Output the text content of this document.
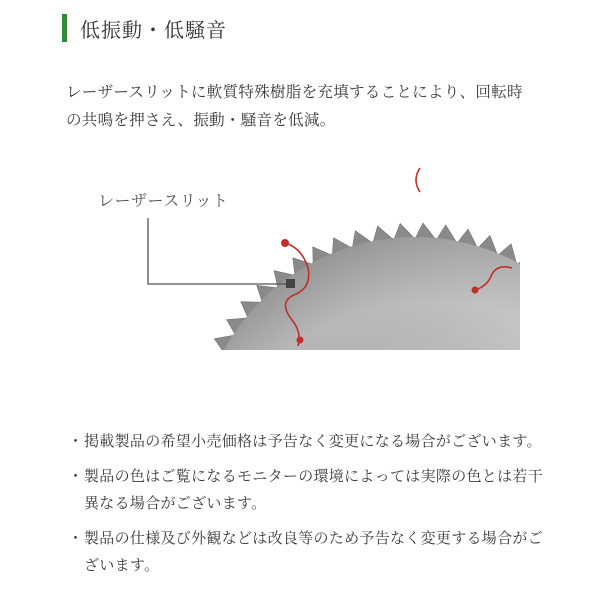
低振動・低騒音
レーザースリットに軟質特殊樹脂を充填することにより、回転時の共鳴を押さえ、振動・騒音を低減。
レーザースリット
・ 掲載製品の希望小売価格は予告なく変更になる場合がございます。
・ 製品の色はご覧になるモニターの環境によっては実際の色とは若干異なる場合がございます。
・ 製品の仕様及び外観などは改良等のため予告なく変更する場合がございます。
